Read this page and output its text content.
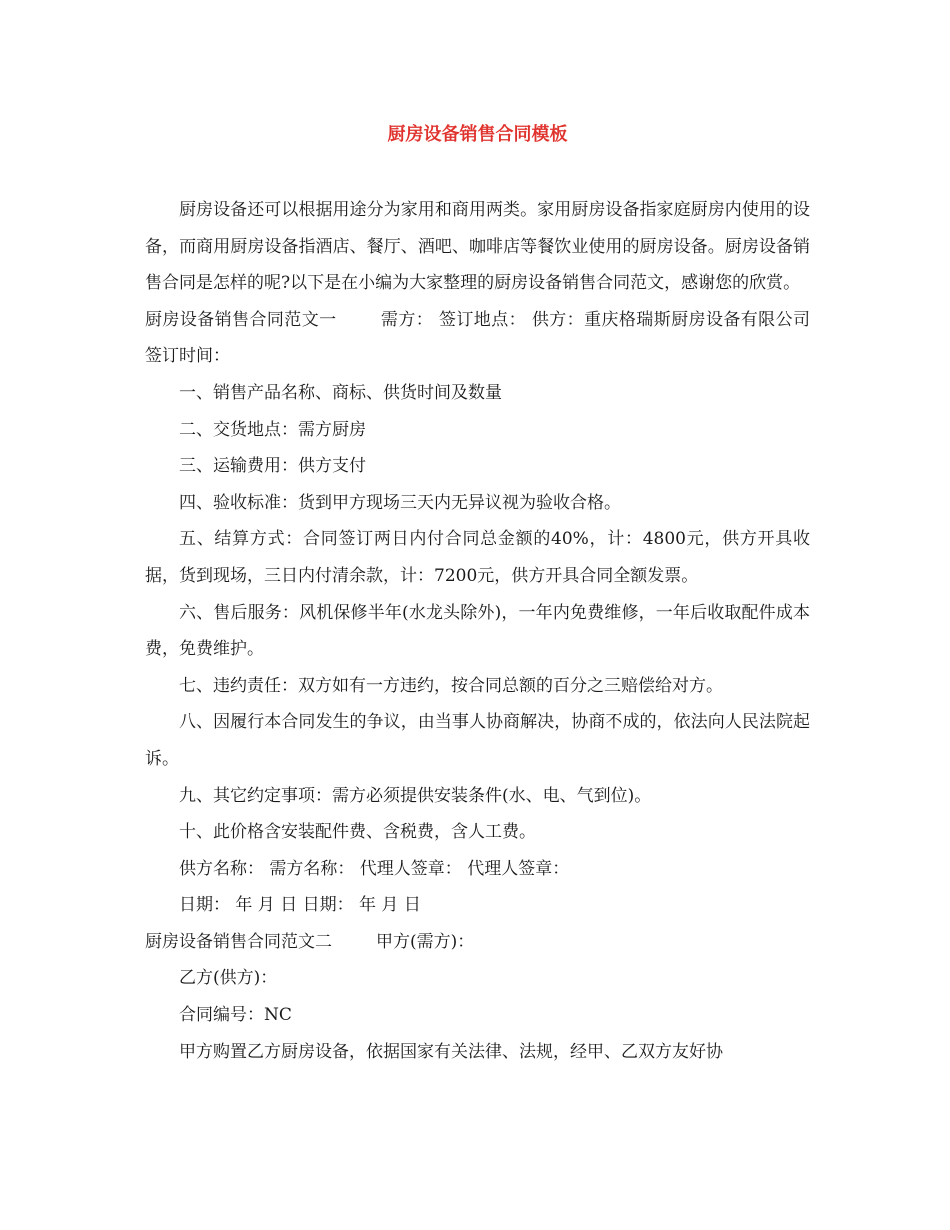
厨房设备销售合同模板

厨房设备还可以根据用途分为家用和商用两类。家用厨房设备指家庭厨房内使用的设备，而商用厨房设备指酒店、餐厅、酒吧、咖啡店等餐饮业使用的厨房设备。厨房设备销售合同是怎样的呢?以下是在小编为大家整理的厨房设备销售合同范文，感谢您的欣赏。

厨房设备销售合同范文一	需方： 签订地点： 供方：重庆格瑞斯厨房设备有限公司 签订时间：

一、销售产品名称、商标、供货时间及数量

二、交货地点：需方厨房

三、运输费用：供方支付

四、验收标准：货到甲方现场三天内无异议视为验收合格。

五、结算方式：合同签订两日内付合同总金额的40%，计：4800元，供方开具收据，货到现场，三日内付清余款，计：7200元，供方开具合同全额发票。

六、售后服务：风机保修半年(水龙头除外)，一年内免费维修，一年后收取配件成本费，免费维护。

七、违约责任：双方如有一方违约，按合同总额的百分之三赔偿给对方。

八、因履行本合同发生的争议，由当事人协商解决，协商不成的，依法向人民法院起诉。

九、其它约定事项：需方必须提供安装条件(水、电、气到位)。

十、此价格含安装配件费、含税费，含人工费。

供方名称： 需方名称： 代理人签章： 代理人签章：

日期： 年 月 日 日期： 年 月 日

厨房设备销售合同范文二	甲方(需方)：

乙方(供方)：

合同编号：NC

甲方购置乙方厨房设备，依据国家有关法律、法规，经甲、乙双方友好协
